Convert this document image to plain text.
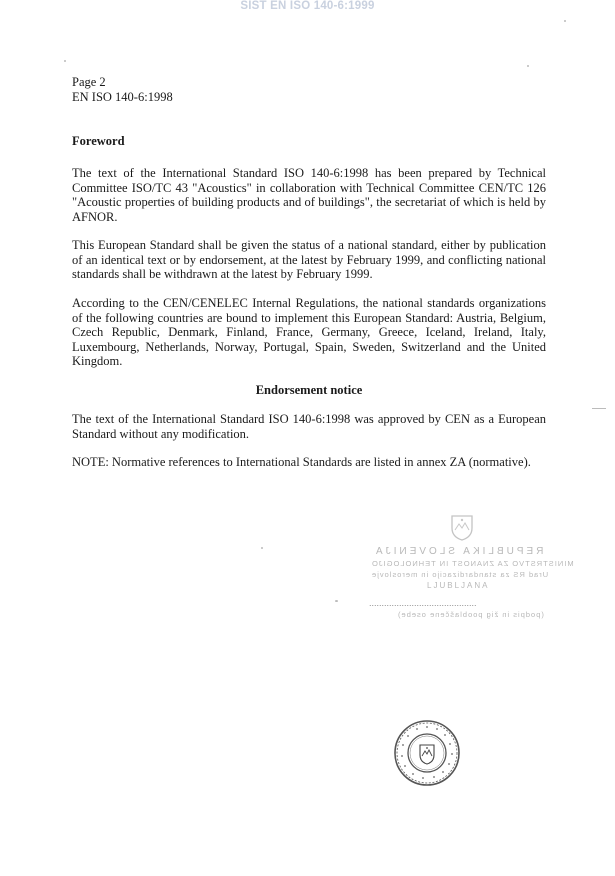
SIST EN ISO 140-6:1999
Page 2
EN ISO 140-6:1998
Foreword

The text of the International Standard ISO 140-6:1998 has been prepared by Technical Committee ISO/TC 43 "Acoustics" in collaboration with Technical Committee CEN/TC 126 "Acoustic properties of building products and of buildings", the secretariat of which is held by AFNOR.

This European Standard shall be given the status of a national standard, either by publication of an identical text or by endorsement, at the latest by February 1999, and conflicting national standards shall be withdrawn at the latest by February 1999.

According to the CEN/CENELEC Internal Regulations, the national standards organizations of the following countries are bound to implement this European Standard: Austria, Belgium, Czech Republic, Denmark, Finland, France, Germany, Greece, Iceland, Ireland, Italy, Luxembourg, Netherlands, Norway, Portugal, Spain, Sweden, Switzerland and the United Kingdom.

Endorsement notice

The text of the International Standard ISO 140-6:1998 was approved by CEN as a European Standard without any modification.

NOTE: Normative references to International Standards are listed in annex ZA (normative).

REPUBLIKA SLOVENIJA
MINISTRSTVO ZA ZNANOST IN TEHNOLOGIJO
Urad RS za standardizacijo in meroslovje
LJUBLJANA
...........................................
(podpis in žig pooblaščene osebe)
